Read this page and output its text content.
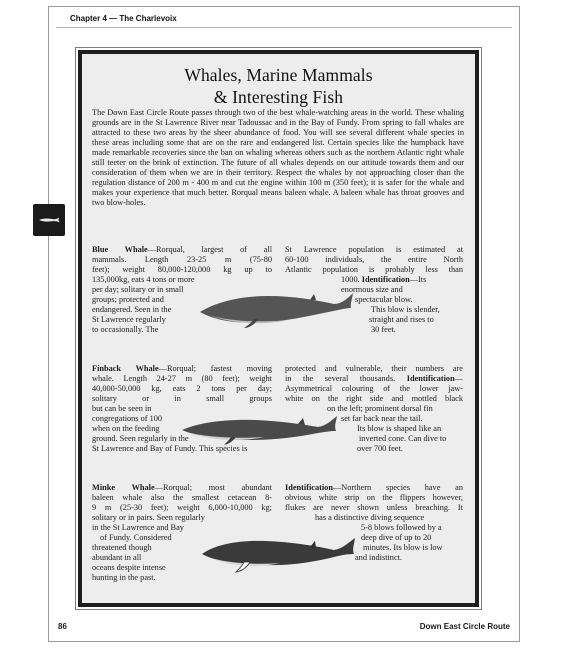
Chapter 4 — The Charlevoix
Whales, Marine Mammals
& Interesting Fish
The Down East Circle Route passes through two of the best whale-watching areas in the world. These whaling grounds are in the St Lawrence River near Tadoussac and in the Bay of Fundy. From spring to fall whales are attracted to these two areas by the sheer abundance of food. You will see several different whale species in these areas including some that are on the rare and endangered list. Certain species like the humpback have made remarkable recoveries since the ban on whaling whereas others such as the northern Atlantic right whale still teeter on the brink of extinction. The future of all whales depends on our attitude towards them and our consideration of them when we are in their territory. Respect the whales by not approaching closer than the regulation distance of 200 m - 400 m and cut the engine within 100 m (350 feet); it is safer for the whale and makes your experience that much better. Rorqual means baleen whale. A baleen whale has throat grooves and two blow-holes.
Blue Whale—Rorqual, largest of all
mammals. Length 23-25 m (75-80
feet); weight 80,000-120,000 kg up to
135,000kg, eats 4 tons or more
per day; solitary or in small
groups; protected and
endangered. Seen in the
St Lawrence regularly
to occasionally. The
St Lawrence population is estimated at
60-100 individuals, the entire North
Atlantic population is probably less than
1000. Identification—Its
enormous size and
spectacular blow.
This blow is slender,
straight and rises to
30 feet.
Finback Whale—Rorqual; fastest moving
whale. Length 24-27 m (80 feet); weight
40,000-50,000 kg, eats 2 tons per day;
solitary or in small groups
but can be seen in
congregations of 100
when on the feeding
ground. Seen regularly in the
St Lawrence and Bay of Fundy. This species is
protected and vulnerable, their numbers are
in the several thousands. Identification—
Asymmetrical colouring of the lower jaw-
white on the right side and mottled black
on the left; prominent dorsal fin
set far back near the tail.
Its blow is shaped like an
inverted cone. Can dive to
over 700 feet.
Minke Whale—Rorqual; most abundant
baleen whale also the smallest cetacean 8-
9 m (25-30 feet); weight 6,000-10,000 kg;
solitary or in pairs. Seen regularly
in the St Lawrence and Bay
of Fundy. Considered
threatened though
abundant in all
oceans despite intense
hunting in the past.
Identification—Northern species have an
obvious white strip on the flippers however,
flukes are never shown unless breaching. It
has a distinctive diving sequence
5-8 blows followed by a
deep dive of up to 20
minutes. Its blow is low
and indistinct.
86	Down East Circle Route
